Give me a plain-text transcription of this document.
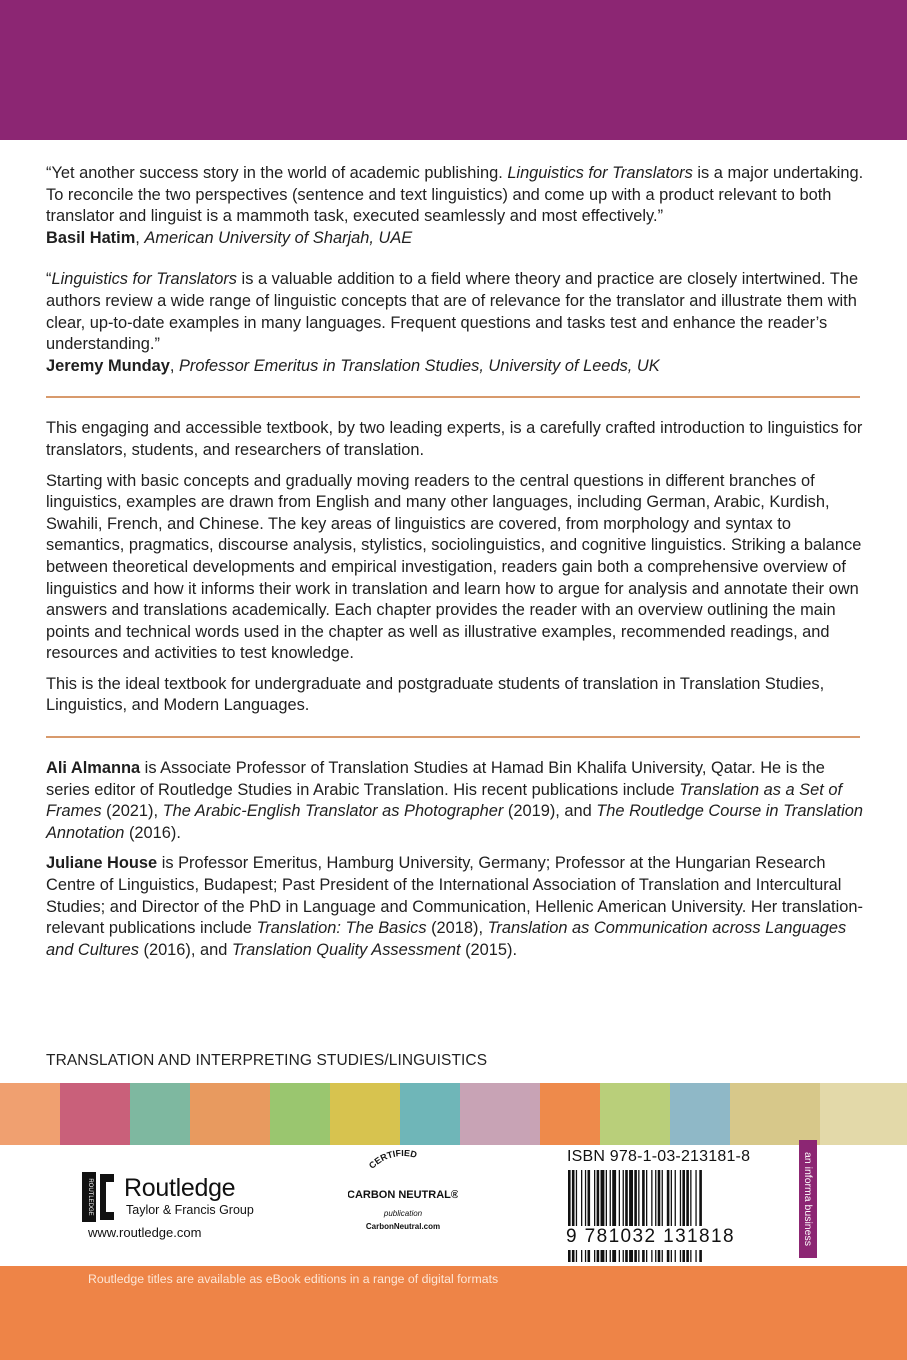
“Yet another success story in the world of academic publishing. Linguistics for Translators is a major undertaking. To reconcile the two perspectives (sentence and text linguistics) and come up with a product relevant to both translator and linguist is a mammoth task, executed seamlessly and most effectively.”

Basil Hatim, American University of Sharjah, UAE

“Linguistics for Translators is a valuable addition to a field where theory and practice are closely intertwined. The authors review a wide range of linguistic concepts that are of relevance for the translator and illustrate them with clear, up-to-date examples in many languages. Frequent questions and tasks test and enhance the reader’s understanding.”

Jeremy Munday, Professor Emeritus in Translation Studies, University of Leeds, UK

This engaging and accessible textbook, by two leading experts, is a carefully crafted introduction to linguistics for translators, students, and researchers of translation.

Starting with basic concepts and gradually moving readers to the central questions in different branches of linguistics, examples are drawn from English and many other languages, including German, Arabic, Kurdish, Swahili, French, and Chinese. The key areas of linguistics are covered, from morphology and syntax to semantics, pragmatics, discourse analysis, stylistics, sociolinguistics, and cognitive linguistics. Striking a balance between theoretical developments and empirical investigation, readers gain both a comprehensive overview of linguistics and how it informs their work in translation and learn how to argue for analysis and annotate their own answers and translations academically. Each chapter provides the reader with an overview outlining the main points and technical words used in the chapter as well as illustrative examples, recommended readings, and resources and activities to test knowledge.

This is the ideal textbook for undergraduate and postgraduate students of translation in Translation Studies, Linguistics, and Modern Languages.

Ali Almanna is Associate Professor of Translation Studies at Hamad Bin Khalifa University, Qatar. He is the series editor of Routledge Studies in Arabic Translation. His recent publications include Translation as a Set of Frames (2021), The Arabic-English Translator as Photographer (2019), and The Routledge Course in Translation Annotation (2016).

Juliane House is Professor Emeritus, Hamburg University, Germany; Professor at the Hungarian Research Centre of Linguistics, Budapest; Past President of the International Association of Translation and Intercultural Studies; and Director of the PhD in Language and Communication, Hellenic American University. Her translation-relevant publications include Translation: The Basics (2018), Translation as Communication across Languages and Cultures (2016), and Translation Quality Assessment (2015).

TRANSLATION AND INTERPRETING STUDIES/LINGUISTICS
ROUTLEDGE Routledge
Taylor & Francis Group
www.routledge.com
CERTIFIED
CARBON NEUTRAL®
publication
CarbonNeutral.com
ISBN 978-1-03-213181-8
9 781032 131818	an informa business
Routledge titles are available as eBook editions in a range of digital formats
